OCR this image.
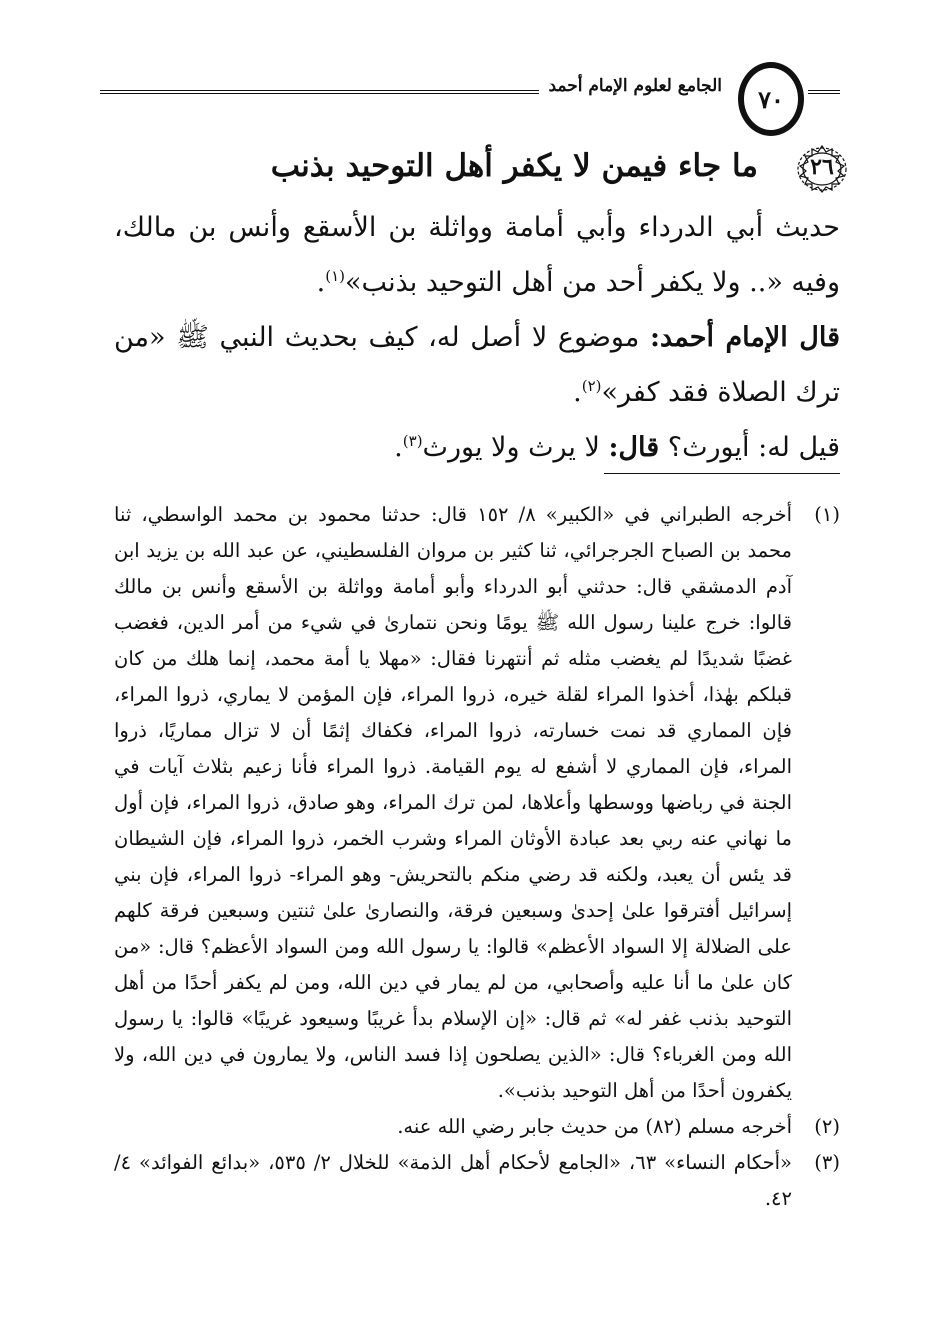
الجامع لعلوم الإمام أحمد	٧٠
٢٦
ما جاء فيمن لا يكفر أهل التوحيد بذنب

حديث أبي الدرداء وأبي أمامة وواثلة بن الأسقع وأنس بن مالك، وفيه «.. ولا يكفر أحد من أهل التوحيد بذنب»$^{(١)}$.

قال الإمام أحمد: موضوع لا أصل له، كيف بحديث النبي ﷺ «من ترك الصلاة فقد كفر»$^{(٢)}$.

قيل له: أيورث؟ قال: لا يرث ولا يورث$^{(٣)}$.

(١)
أخرجه الطبراني في «الكبير» ٨/ ١٥٢ قال: حدثنا محمود بن محمد الواسطي، ثنا محمد بن الصباح الجرجرائي، ثنا كثير بن مروان الفلسطيني، عن عبد الله بن يزيد ابن آدم الدمشقي قال: حدثني أبو الدرداء وأبو أمامة وواثلة بن الأسقع وأنس بن مالك قالوا: خرج علينا رسول الله ﷺ يومًا ونحن نتمارىٰ في شيء من أمر الدين، فغضب غضبًا شديدًا لم يغضب مثله ثم أنتهرنا فقال: «مهلا يا أمة محمد، إنما هلك من كان قبلكم بهٰذا، أخذوا المراء لقلة خيره، ذروا المراء، فإن المؤمن لا يماري، ذروا المراء، فإن المماري قد نمت خسارته، ذروا المراء، فكفاك إثمًا أن لا تزال مماريًا، ذروا المراء، فإن المماري لا أشفع له يوم القيامة. ذروا المراء فأنا زعيم بثلاث آيات في الجنة في رباضها ووسطها وأعلاها، لمن ترك المراء، وهو صادق، ذروا المراء، فإن أول ما نهاني عنه ربي بعد عبادة الأوثان المراء وشرب الخمر، ذروا المراء، فإن الشيطان قد يئس أن يعبد، ولكنه قد رضي منكم بالتحريش- وهو المراء- ذروا المراء، فإن بني إسرائيل أفترقوا علىٰ إحدىٰ وسبعين فرقة، والنصارىٰ علىٰ ثنتين وسبعين فرقة كلهم على الضلالة إلا السواد الأعظم» قالوا: يا رسول الله ومن السواد الأعظم؟ قال: «من كان علىٰ ما أنا عليه وأصحابي، من لم يمار في دين الله، ومن لم يكفر أحدًا من أهل التوحيد بذنب غفر له» ثم قال: «إن الإسلام بدأ غريبًا وسيعود غريبًا» قالوا: يا رسول الله ومن الغرباء؟ قال: «الذين يصلحون إذا فسد الناس، ولا يمارون في دين الله، ولا يكفرون أحدًا من أهل التوحيد بذنب».
(٢)
أخرجه مسلم (٨٢) من حديث جابر رضي الله عنه.
(٣)
«أحكام النساء» ٦٣، «الجامع لأحكام أهل الذمة» للخلال ٢/ ٥٣٥، «بدائع الفوائد» ٤/ ٤٢.
